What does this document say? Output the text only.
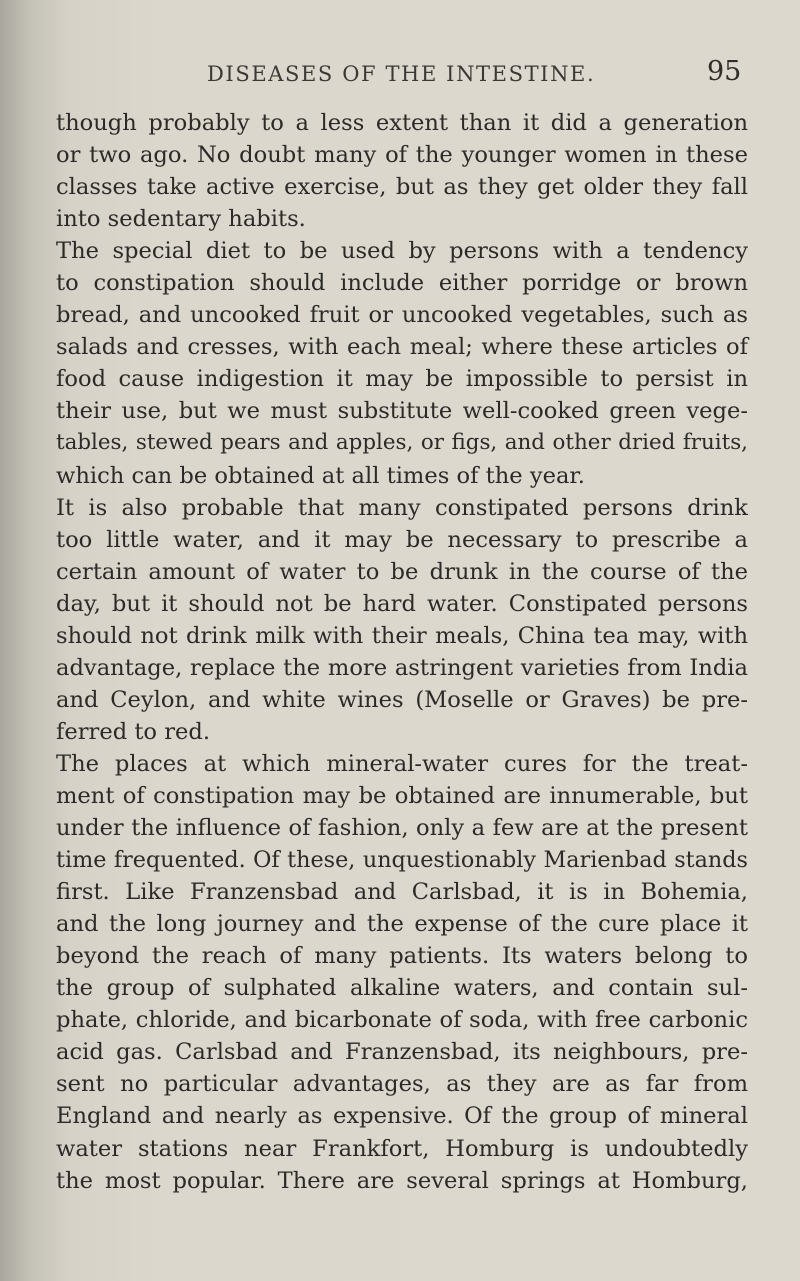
DISEASES OF THE INTESTINE.	95
though probably to a less extent than it did a generation
or two ago. No doubt many of the younger women in these
classes take active exercise, but as they get older they fall
into sedentary habits.
The special diet to be used by persons with a tendency
to constipation should include either porridge or brown
bread, and uncooked fruit or uncooked vegetables, such as
salads and cresses, with each meal; where these articles of
food cause indigestion it may be impossible to persist in
their use, but we must substitute well-cooked green vege-
tables, stewed pears and apples, or figs, and other dried fruits,
which can be obtained at all times of the year.
It is also probable that many constipated persons drink
too little water, and it may be necessary to prescribe a
certain amount of water to be drunk in the course of the
day, but it should not be hard water. Constipated persons
should not drink milk with their meals, China tea may, with
advantage, replace the more astringent varieties from India
and Ceylon, and white wines (Moselle or Graves) be pre-
ferred to red.
The places at which mineral-water cures for the treat-
ment of constipation may be obtained are innumerable, but
under the influence of fashion, only a few are at the present
time frequented. Of these, unquestionably Marienbad stands
first. Like Franzensbad and Carlsbad, it is in Bohemia,
and the long journey and the expense of the cure place it
beyond the reach of many patients. Its waters belong to
the group of sulphated alkaline waters, and contain sul-
phate, chloride, and bicarbonate of soda, with free carbonic
acid gas. Carlsbad and Franzensbad, its neighbours, pre-
sent no particular advantages, as they are as far from
England and nearly as expensive. Of the group of mineral
water stations near Frankfort, Homburg is undoubtedly
the most popular. There are several springs at Homburg,
